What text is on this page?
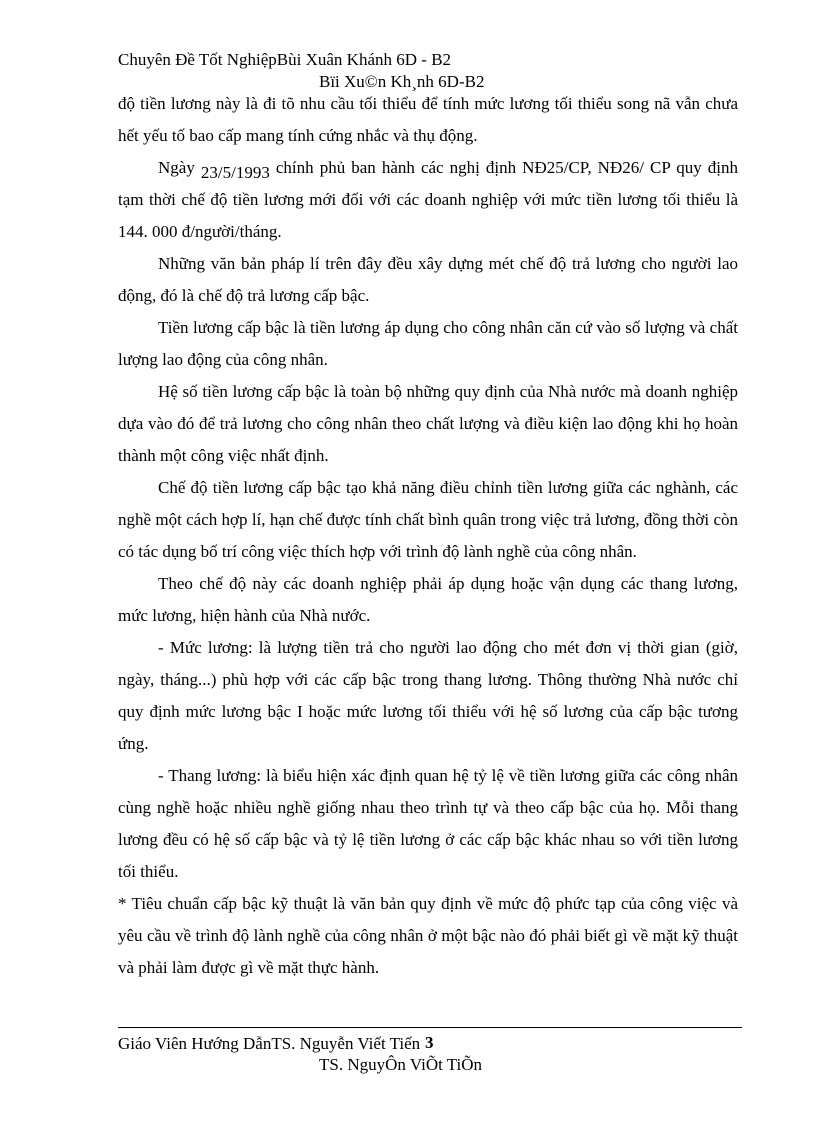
Chuyên Đề Tốt NghiệpBùi Xuân Khánh 6D - B2
Bïi Xu©n Kh¸nh 6D-B2

độ tiền lương này là đi tõ nhu cầu tối thiểu để tính mức lương tối thiểu song nã vẫn chưa hết yếu tố bao cấp mang tính cứng nhắc và thụ động.

Ngày 23/5/1993 chính phủ ban hành các nghị định NĐ25/CP, NĐ26/ CP quy định tạm thời chế độ tiền lương mới đối với các doanh nghiệp với mức tiền lương tối thiểu là 144. 000 đ/người/tháng.

Những văn bản pháp lí trên đây đều xây dựng mét chế độ trả lương cho người lao động, đó là chế độ trả lương cấp bậc.

Tiền lương cấp bậc là tiền lương áp dụng cho công nhân căn cứ vào số lượng và chất lượng lao động của công nhân.

Hệ số tiền lương cấp bậc là toàn bộ những quy định của Nhà nước mà doanh nghiệp dựa vào đó để trả lương cho công nhân theo chất lượng và điều kiện lao động khi họ hoàn thành một công việc nhất định.

Chế độ tiền lương cấp bậc tạo khả năng điều chỉnh tiền lương giữa các nghành, các nghề một cách hợp lí, hạn chế được tính chất bình quân trong việc trả lương, đồng thời còn có tác dụng bố trí công việc thích hợp với trình độ lành nghề của công nhân.

Theo chế độ này các doanh nghiệp phải áp dụng hoặc vận dụng các thang lương, mức lương, hiện hành của Nhà nước.

- Mức lương: là lượng tiền trả cho người lao động cho mét đơn vị thời gian (giờ, ngày, tháng...) phù hợp với các cấp bậc trong thang lương. Thông thường Nhà nước chỉ quy định mức lương bậc I hoặc mức lương tối thiểu với hệ số lương của cấp bậc tương ứng.

- Thang lương: là biểu hiện xác định quan hệ tỷ lệ về tiền lương giữa các công nhân cùng nghề hoặc nhiều nghề giống nhau theo trình tự và theo cấp bậc của họ. Mỗi thang lương đều có hệ số cấp bậc và tỷ lệ tiền lương ở các cấp bậc khác nhau so với tiền lương tối thiểu.

* Tiêu chuẩn cấp bậc kỹ thuật là văn bản quy định về mức độ phức tạp của công việc và yêu cầu về trình độ lành nghề của công nhân ở một bậc nào đó phải biết gì về mặt kỹ thuật và phải làm được gì về mặt thực hành.

Giáo Viên Hướng DẫnTS. Nguyễn Viết Tiến 3
TS. NguyÔn ViÕt TiÕn
